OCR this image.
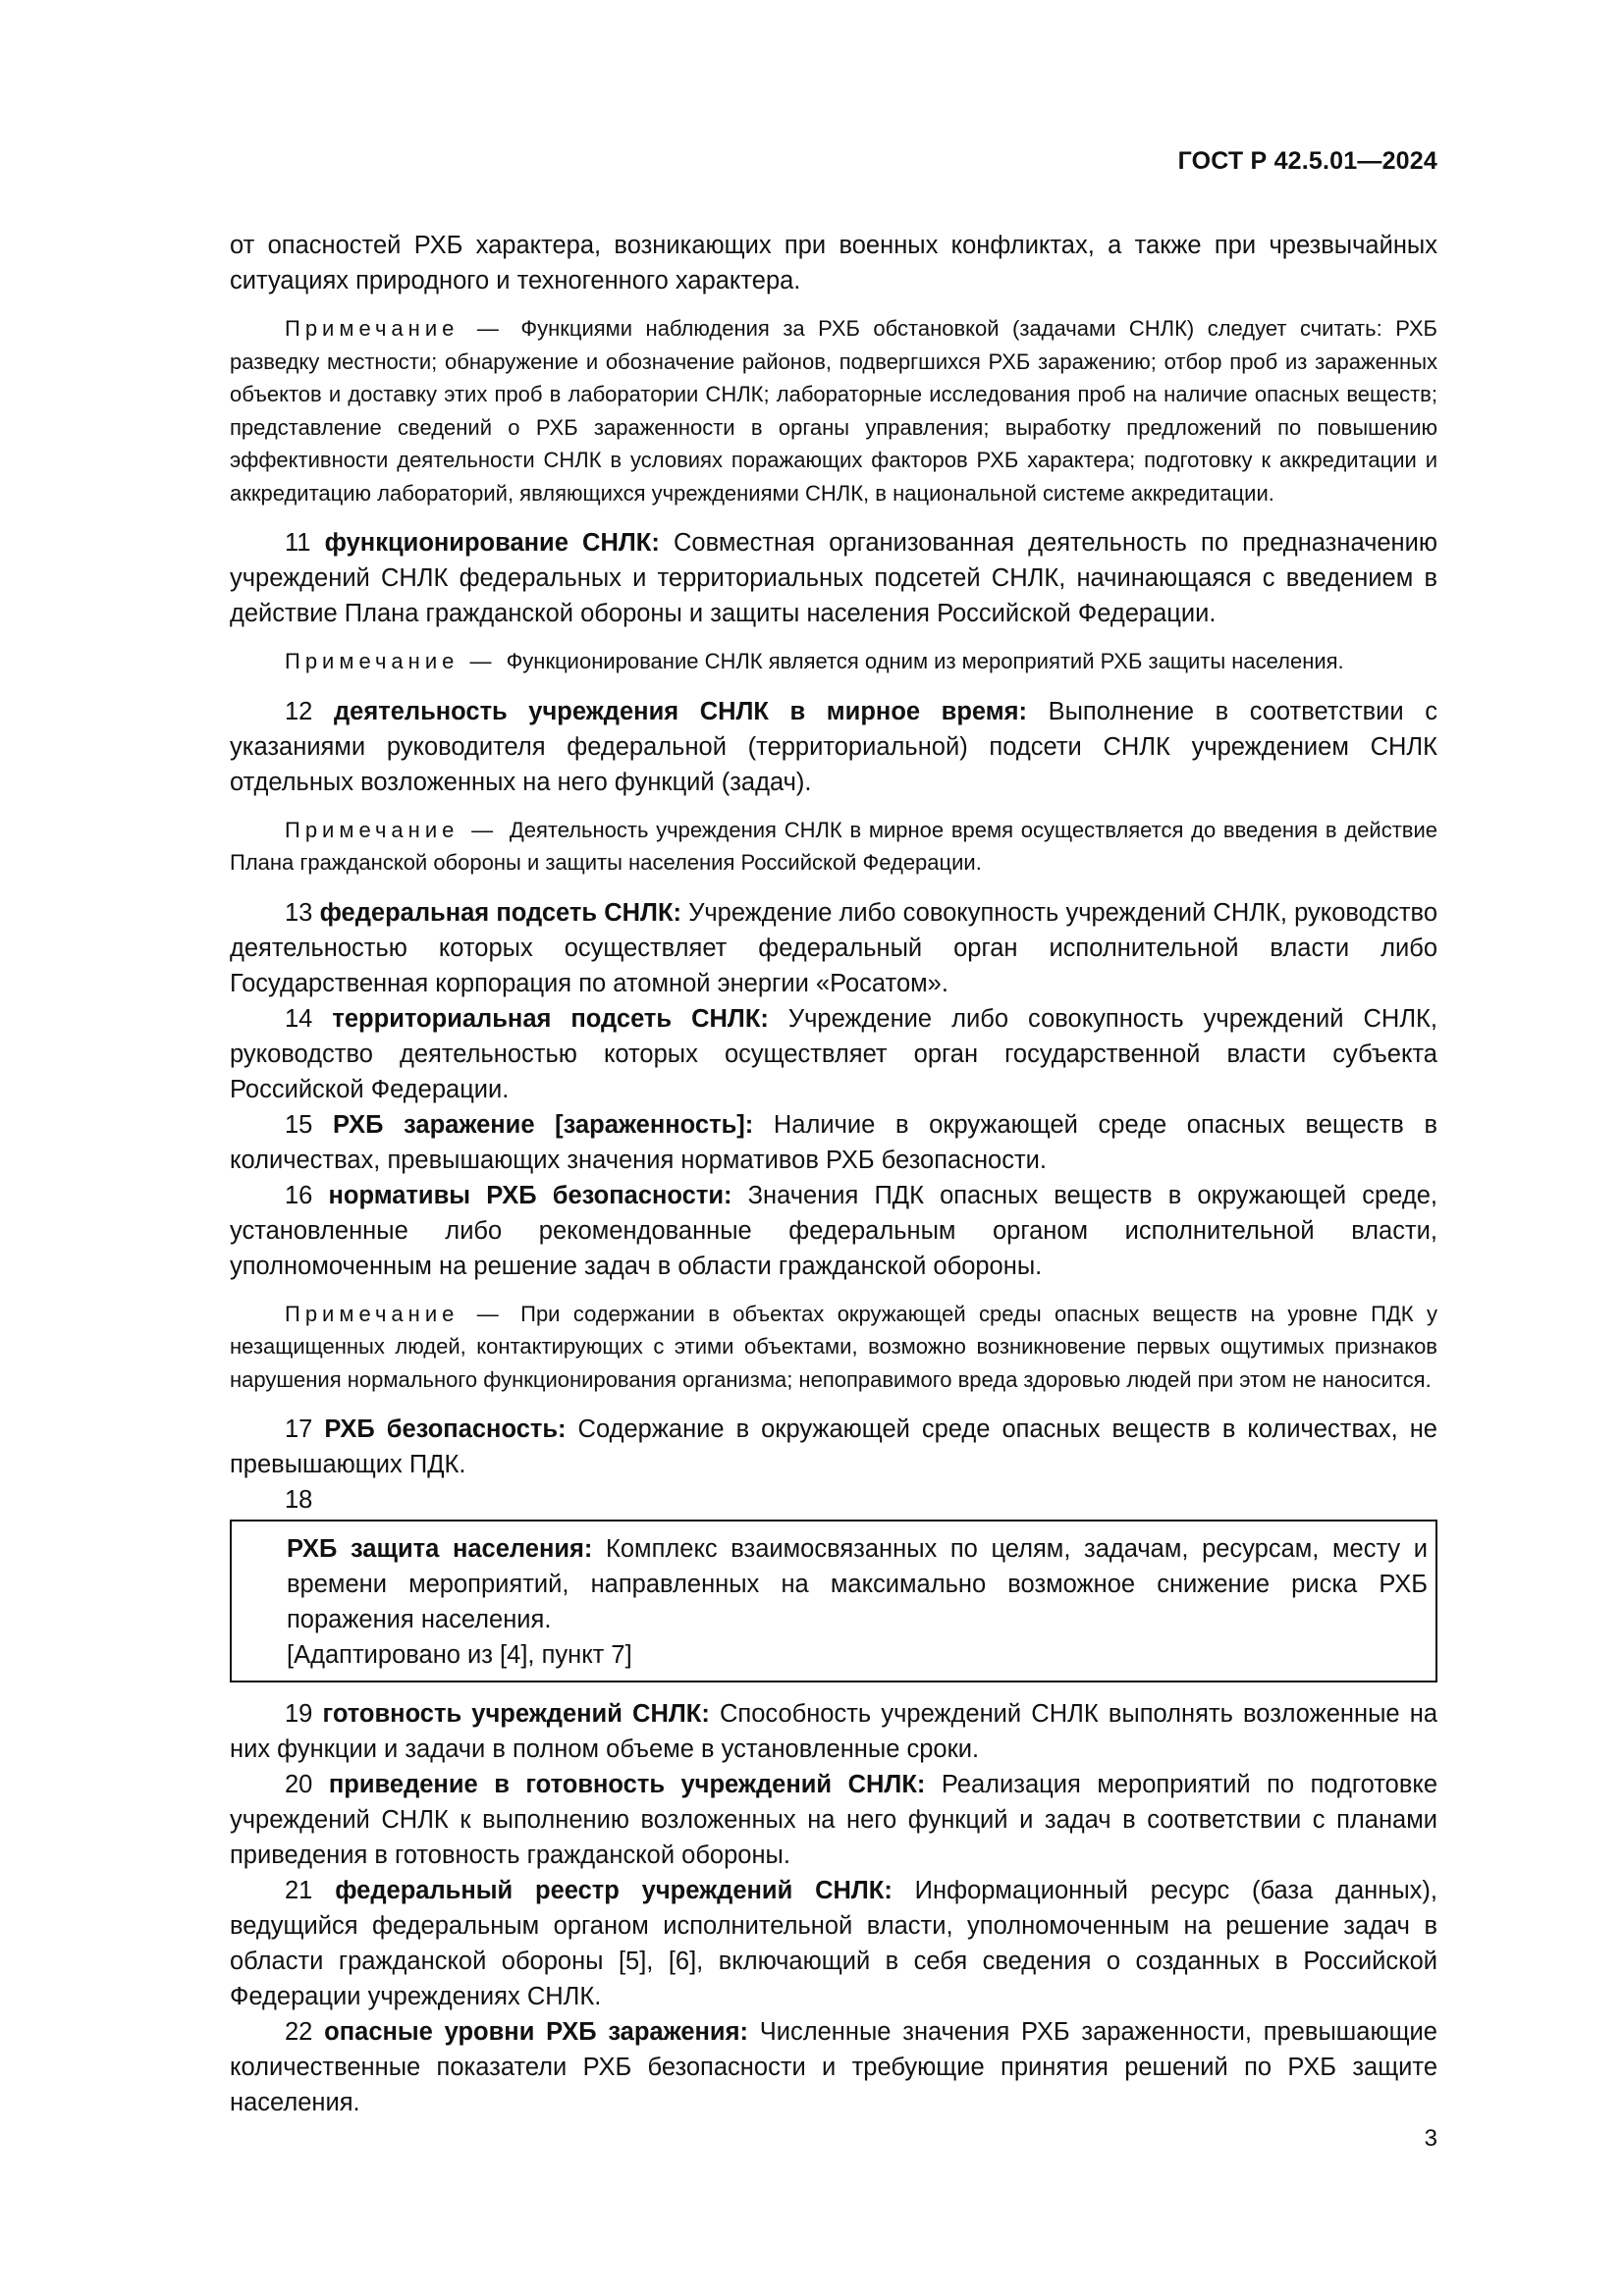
ГОСТ Р 42.5.01—2024

от опасностей РХБ характера, возникающих при военных конфликтах, а также при чрезвычайных ситуациях природного и техногенного характера.

Примечание — Функциями наблюдения за РХБ обстановкой (задачами СНЛК) следует считать: РХБ разведку местности; обнаружение и обозначение районов, подвергшихся РХБ заражению; отбор проб из зараженных объектов и доставку этих проб в лаборатории СНЛК; лабораторные исследования проб на наличие опасных веществ; представление сведений о РХБ зараженности в органы управления; выработку предложений по повышению эффективности деятельности СНЛК в условиях поражающих факторов РХБ характера; подготовку к аккредитации и аккредитацию лабораторий, являющихся учреждениями СНЛК, в национальной системе аккредитации.

11 функционирование СНЛК: Совместная организованная деятельность по предназначению учреждений СНЛК федеральных и территориальных подсетей СНЛК, начинающаяся с введением в действие Плана гражданской обороны и защиты населения Российской Федерации.

Примечание — Функционирование СНЛК является одним из мероприятий РХБ защиты населения.

12 деятельность учреждения СНЛК в мирное время: Выполнение в соответствии с указаниями руководителя федеральной (территориальной) подсети СНЛК учреждением СНЛК отдельных возложенных на него функций (задач).

Примечание — Деятельность учреждения СНЛК в мирное время осуществляется до введения в действие Плана гражданской обороны и защиты населения Российской Федерации.

13 федеральная подсеть СНЛК: Учреждение либо совокупность учреждений СНЛК, руководство деятельностью которых осуществляет федеральный орган исполнительной власти либо Государственная корпорация по атомной энергии «Росатом».

14 территориальная подсеть СНЛК: Учреждение либо совокупность учреждений СНЛК, руководство деятельностью которых осуществляет орган государственной власти субъекта Российской Федерации.

15 РХБ заражение [зараженность]: Наличие в окружающей среде опасных веществ в количествах, превышающих значения нормативов РХБ безопасности.

16 нормативы РХБ безопасности: Значения ПДК опасных веществ в окружающей среде, установленные либо рекомендованные федеральным органом исполнительной власти, уполномоченным на решение задач в области гражданской обороны.

Примечание — При содержании в объектах окружающей среды опасных веществ на уровне ПДК у незащищенных людей, контактирующих с этими объектами, возможно возникновение первых ощутимых признаков нарушения нормального функционирования организма; непоправимого вреда здоровью людей при этом не наносится.

17 РХБ безопасность: Содержание в окружающей среде опасных веществ в количествах, не превышающих ПДК.

18

РХБ защита населения: Комплекс взаимосвязанных по целям, задачам, ресурсам, месту и времени мероприятий, направленных на максимально возможное снижение риска РХБ поражения населения.

[Адаптировано из [4], пункт 7]

19 готовность учреждений СНЛК: Способность учреждений СНЛК выполнять возложенные на них функции и задачи в полном объеме в установленные сроки.

20 приведение в готовность учреждений СНЛК: Реализация мероприятий по подготовке учреждений СНЛК к выполнению возложенных на него функций и задач в соответствии с планами приведения в готовность гражданской обороны.

21 федеральный реестр учреждений СНЛК: Информационный ресурс (база данных), ведущийся федеральным органом исполнительной власти, уполномоченным на решение задач в области гражданской обороны [5], [6], включающий в себя сведения о созданных в Российской Федерации учреждениях СНЛК.

22 опасные уровни РХБ заражения: Численные значения РХБ зараженности, превышающие количественные показатели РХБ безопасности и требующие принятия решений по РХБ защите населения.

3
